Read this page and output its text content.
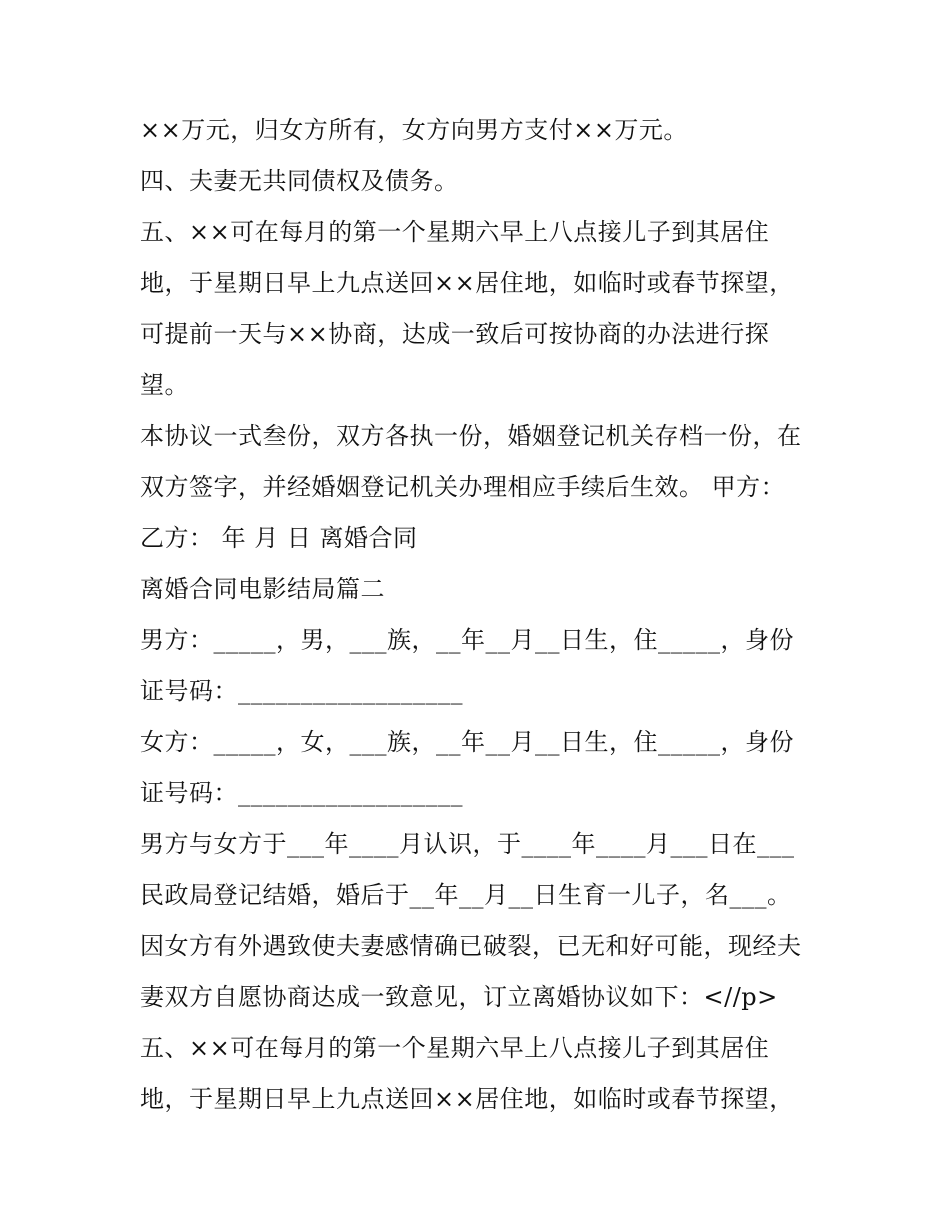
××万元，归女方所有，女方向男方支付××万元。
四、夫妻无共同债权及债务。
五、××可在每月的第一个星期六早上八点接儿子到其居住
地，于星期日早上九点送回××居住地，如临时或春节探望，
可提前一天与××协商，达成一致后可按协商的办法进行探
望。
本协议一式叁份，双方各执一份，婚姻登记机关存档一份，在
双方签字，并经婚姻登记机关办理相应手续后生效。 甲方：
乙方： 年 月 日 离婚合同
离婚合同电影结局篇二
男方：_____，男，___族，__年__月__日生，住_____，身份
证号码：__________________
女方：_____，女，___族，__年__月__日生，住_____，身份
证号码：__________________
男方与女方于___年____月认识，于____年____月___日在___
民政局登记结婚，婚后于__年__月__日生育一儿子，名___。
因女方有外遇致使夫妻感情确已破裂，已无和好可能，现经夫
妻双方自愿协商达成一致意见，订立离婚协议如下：<//p>
五、××可在每月的第一个星期六早上八点接儿子到其居住
地，于星期日早上九点送回××居住地，如临时或春节探望，
